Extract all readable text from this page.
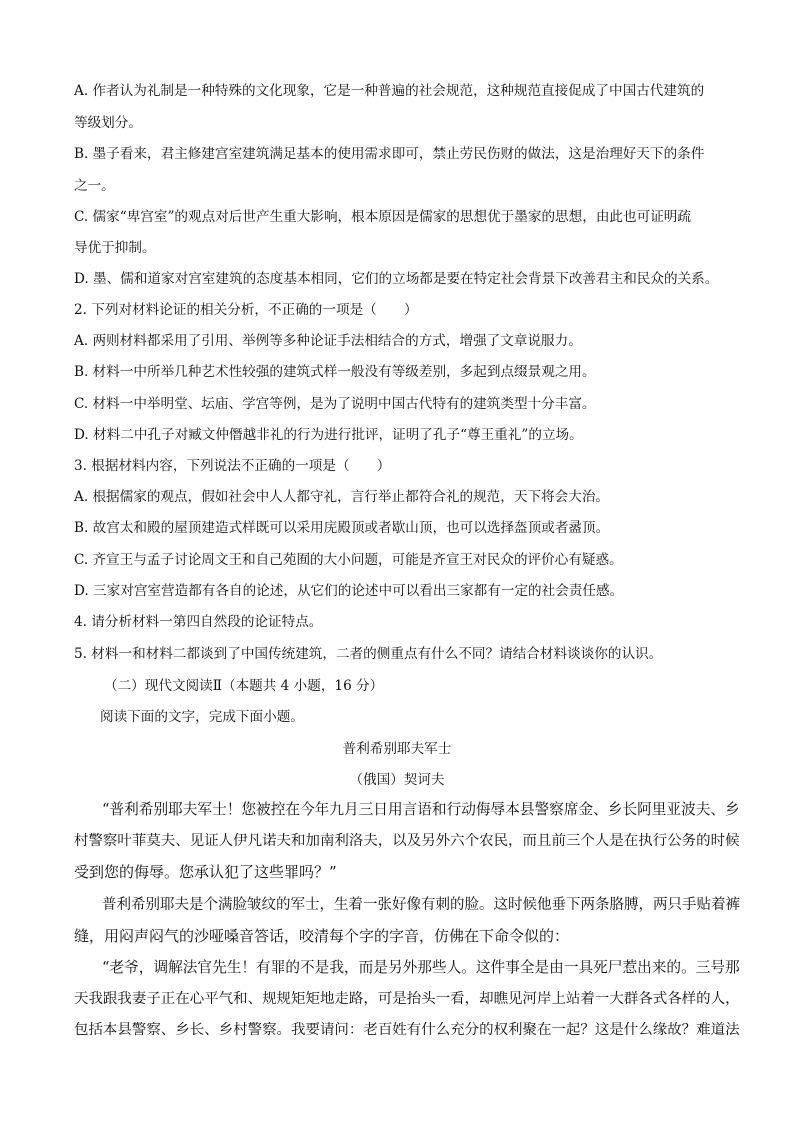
A. 作者认为礼制是一种特殊的文化现象，它是一种普遍的社会规范，这种规范直接促成了中国古代建筑的
等级划分。
B. 墨子看来，君主修建宫室建筑满足基本的使用需求即可，禁止劳民伤财的做法，这是治理好天下的条件
之一。
C. 儒家“卑宫室”的观点对后世产生重大影响，根本原因是儒家的思想优于墨家的思想，由此也可证明疏
导优于抑制。
D. 墨、儒和道家对宫室建筑的态度基本相同，它们的立场都是要在特定社会背景下改善君主和民众的关系。
2. 下列对材料论证的相关分析，不正确的一项是（　　）
A. 两则材料都采用了引用、举例等多种论证手法相结合的方式，增强了文章说服力。
B. 材料一中所举几种艺术性较强的建筑式样一般没有等级差别，多起到点缀景观之用。
C. 材料一中举明堂、坛庙、学宫等例，是为了说明中国古代特有的建筑类型十分丰富。
D. 材料二中孔子对臧文仲僭越非礼的行为进行批评，证明了孔子“尊王重礼”的立场。
3. 根据材料内容，下列说法不正确的一项是（　　）
A. 根据儒家的观点，假如社会中人人都守礼，言行举止都符合礼的规范，天下将会大治。
B. 故宫太和殿的屋顶建造式样既可以采用庑殿顶或者歇山顶，也可以选择盔顶或者盝顶。
C. 齐宣王与孟子讨论周文王和自己苑囿的大小问题，可能是齐宣王对民众的评价心有疑惑。
D. 三家对宫室营造都有各自的论述，从它们的论述中可以看出三家都有一定的社会责任感。
4. 请分析材料一第四自然段的论证特点。
5. 材料一和材料二都谈到了中国传统建筑，二者的侧重点有什么不同？请结合材料谈谈你的认识。
（二）现代文阅读Ⅱ（本题共 4 小题，16 分）
阅读下面的文字，完成下面小题。
普利希别耶夫军士
（俄国）契诃夫
“普利希别耶夫军士！您被控在今年九月三日用言语和行动侮辱本县警察席金、乡长阿里亚波夫、乡
村警察叶菲莫夫、见证人伊凡诺夫和加南利洛夫，以及另外六个农民，而且前三个人是在执行公务的时候
受到您的侮辱。您承认犯了这些罪吗？”
普利希别耶夫是个满脸皱纹的军士，生着一张好像有刺的脸。这时候他垂下两条胳膊，两只手贴着裤
缝，用闷声闷气的沙哑嗓音答话，咬清每个字的字音，仿佛在下命令似的：
“老爷，调解法官先生！有罪的不是我，而是另外那些人。这件事全是由一具死尸惹出来的。三号那
天我跟我妻子正在心平气和、规规矩矩地走路，可是抬头一看，却瞧见河岸上站着一大群各式各样的人，
包括本县警察、乡长、乡村警察。我要请问：老百姓有什么充分的权利聚在一起？这是什么缘故？难道法
